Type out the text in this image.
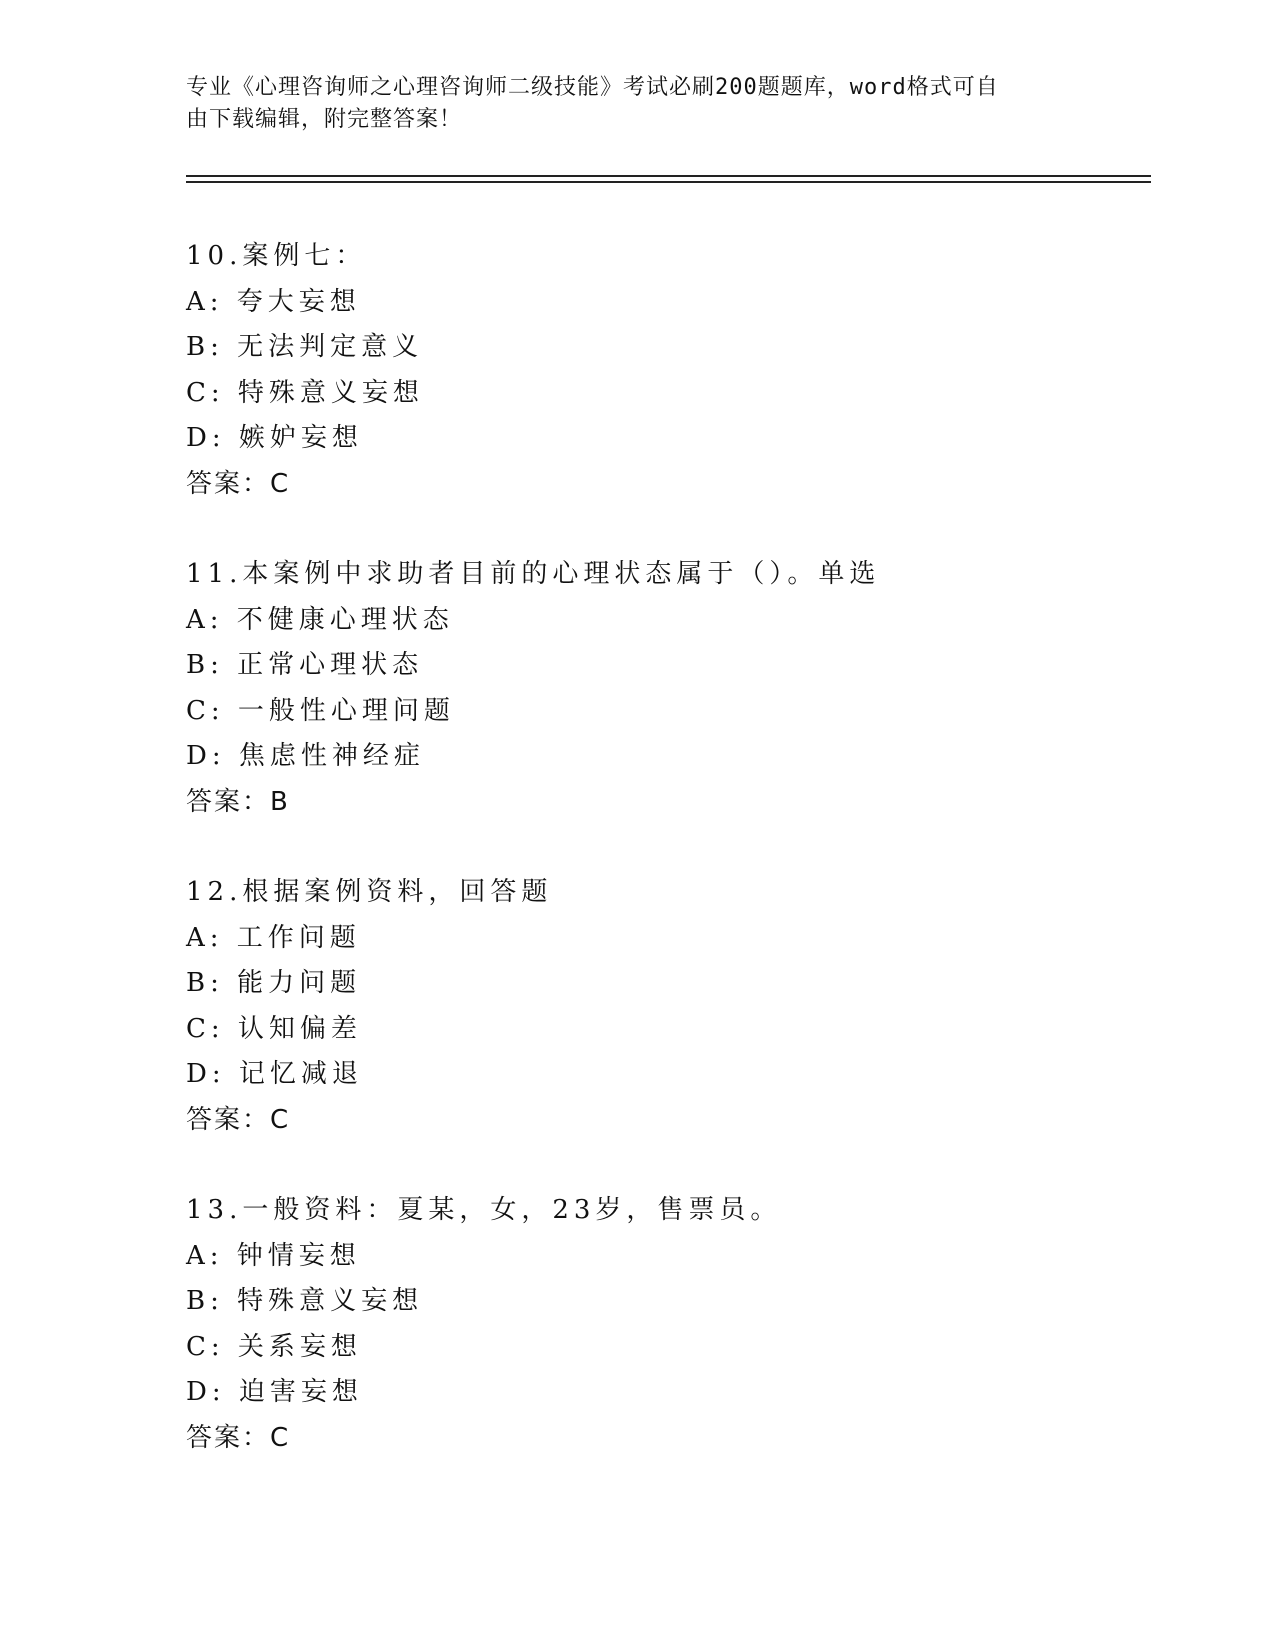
专业《心理咨询师之心理咨询师二级技能》考试必刷200题题库，word格式可自
由下载编辑，附完整答案！
10.案例七：
A: 夸大妄想
B: 无法判定意义
C: 特殊意义妄想
D: 嫉妒妄想
答案：C
11.本案例中求助者目前的心理状态属于（）。单选
A: 不健康心理状态
B: 正常心理状态
C: 一般性心理问题
D: 焦虑性神经症
答案：B
12.根据案例资料，回答题
A: 工作问题
B: 能力问题
C: 认知偏差
D: 记忆减退
答案：C
13.一般资料：夏某，女，23岁，售票员。
A: 钟情妄想
B: 特殊意义妄想
C: 关系妄想
D: 迫害妄想
答案：C
